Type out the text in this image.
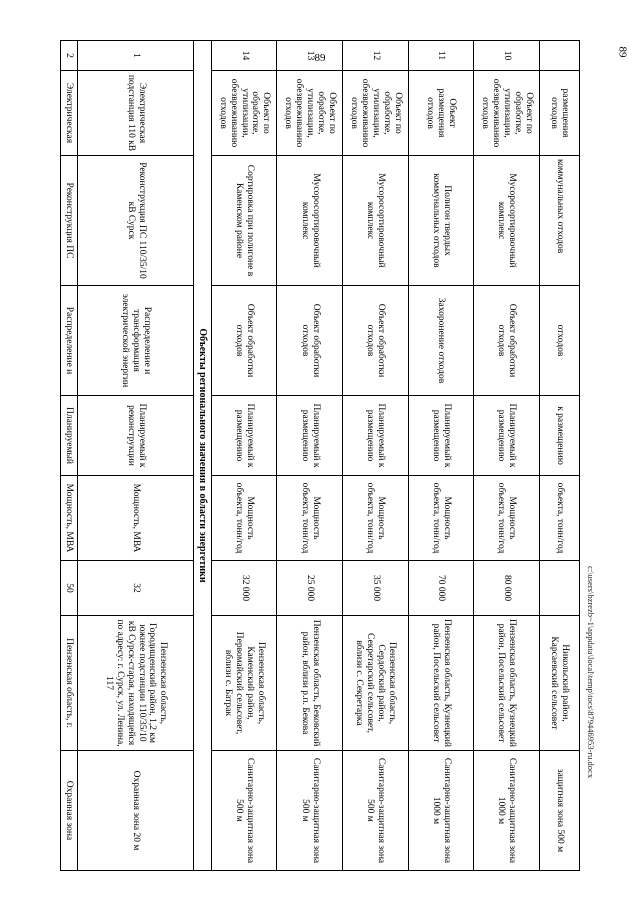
89	89
c:\users\bzrezb~1\appdata\local\temp\tocs\879446953-ru.docx
	размещения отходов	коммунальных отходов	отходов	к размещению	объекта, тонн/год		Никольский район, Карсаевский сельсовет	защитная зона 500 м
10	Объект по обработке, утилизации, обезвреживанию отходов	Мусоросортировочный комплекс	Объект обработки отходов	Планируемый к размещению	Мощность объекта, тонн/год	80 000	Пензенская область, Кузнецкий район, Посельский сельсовет	Санитарно-защитная зона 1000 м
11	Объект размещения отходов	Полигон твердых коммунальных отходов	Захоронение отходов	Планируемый к размещению	Мощность объекта, тонн/год	70 000	Пензенская область, Кузнецкий район, Посельский сельсовет	Санитарно-защитная зона 1000 м
12	Объект по обработке, утилизации, обезвреживанию отходов	Мусоросортировочный комплекс	Объект обработки отходов	Планируемый к размещению	Мощность объекта, тонн/год	35 000	Пензенская область, Сердобский район, Секретарский сельсовет, вблизи с. Секретарка	Санитарно-защитная зона 500 м
13	Объект по обработке, утилизации, обезвреживанию отходов	Мусоросортировочный комплекс	Объект обработки отходов	Планируемый к размещению	Мощность объекта, тонн/год	25 000	Пензенская область, Бековский район, вблизи р.п. Бекова	Санитарно-защитная зона 500 м
14	Объект по обработке, утилизации, обезвреживанию отходов	Сортировка при полигоне в Каменском районе	Объект обработки отходов	Планируемый к размещению	Мощность объекта, тонн/год	32 000	Пензенская область, Каменский район, Первомайский сельсовет, вблизи с. Батрак	Санитарно-защитная зона 500 м
Объекты регионального значения в области энергетики								
1	Электрическая подстанция 110 кВ	Реконструкция ПС 110/35/10 кВ Сурск	Распределение и трансформация электрической энергии	Планируемый к реконструкции	Мощность, МВА	32	Пензенская область, Городищенский район, 1,2 км южнее подстанции 110/35/10 кВ Сурск-старая, находящейся по адресу: г. Сурск, ул. Ленина, 117	Охранная зона 20 м
2	Электрическая	Реконструкция ПС	Распределение и	Планируемый	Мощность, МВА	50	Пензенская область, г.	Охранная зона
